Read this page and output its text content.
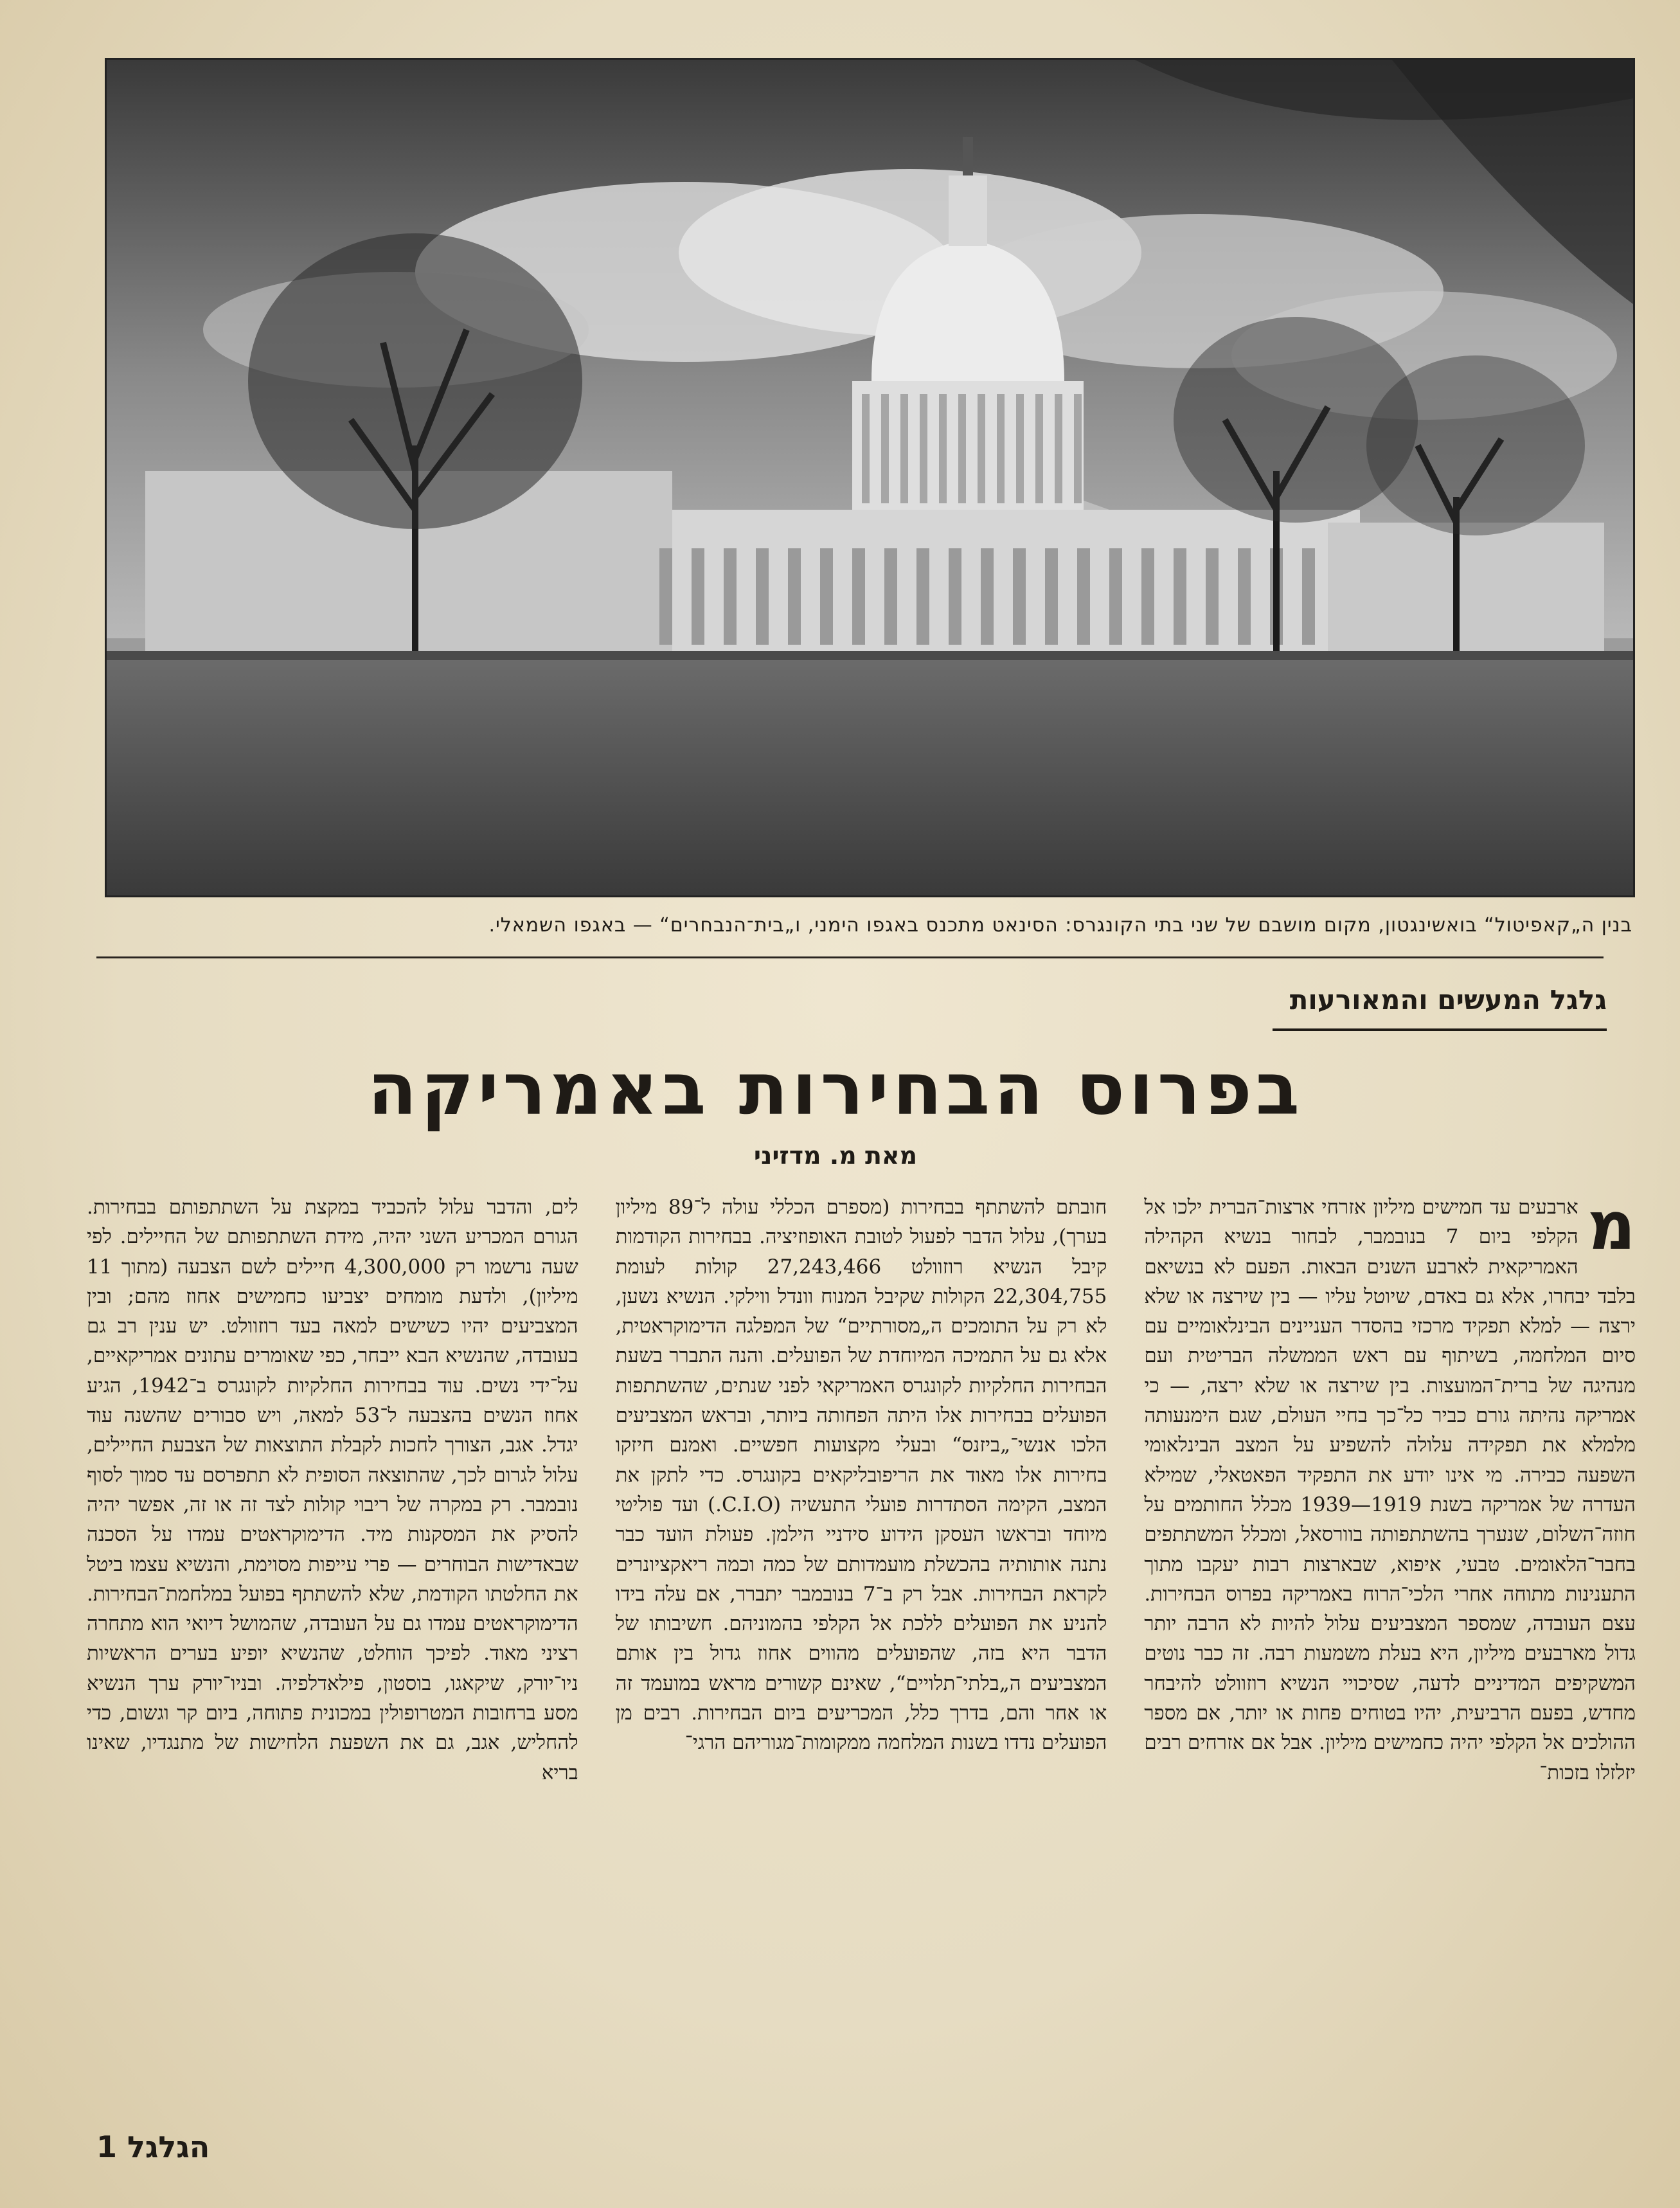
בנין ה„קאפיטול“ בואשינגטון, מקום מושבם של שני בתי הקונגרס: הסינאט מתכנס באגפו הימני, ו„בית־הנבחרים“ — באגפו השמאלי.
גלגל המעשים והמאורעות
בפרוס הבחירות באמריקה
מאת מ. מדזיני
מ

ארבעים עד חמישים מיליון אזרחי ארצות־הברית ילכו אל הקלפי ביום 7 בנובמבר, לבחור בנשיא הקהילה האמריקאית לארבע השנים הבאות. הפעם לא בנשיאם בלבד יבחרו, אלא גם באדם, שיוטל עליו — בין שירצה או שלא ירצה — למלא תפקיד מרכזי בהסדר העניינים הבינלאומיים עם סיום המלחמה, בשיתוף עם ראש הממשלה הבריטית ועם מנהיגה של ברית־המועצות. בין שירצה או שלא ירצה, — כי אמריקה נהיתה גורם כביר כל־כך בחיי העולם, שגם הימנעותה מלמלא את תפקידה עלולה להשפיע על המצב הבינלאומי השפעה כבירה. מי אינו יודע את התפקיד הפאטאלי, שמילא העדרה של אמריקה בשנת 1919—1939 מכלל החותמים על חוזה־השלום, שנערך בהשתתפותה בוורסאל, ומכלל המשתתפים בחבר־הלאומים. טבעי, איפוא, שבארצות רבות יעקבו מתוך התענינות מתוחה אחרי הלכי־הרוח באמריקה בפרוס הבחירות. עצם העובדה, שמספר המצביעים עלול להיות לא הרבה יותר גדול מארבעים מיליון, היא בעלת משמעות רבה. זה כבר נוטים המשקיפים המדיניים לדעה, שסיכויי הנשיא רוזוולט להיבחר מחדש, בפעם הרביעית, יהיו בטוחים פחות או יותר, אם מספר ההולכים אל הקלפי יהיה כחמישים מיליון. אבל אם אזרחים רבים יזלזלו בזכות־

חובתם להשתתף בבחירות (מספרם הכללי עולה ל־89 מיליון בערך), עלול הדבר לפעול לטובת האופוזיציה. בבחירות הקודמות קיבל הנשיא רוזוולט 27,243,466 קולות לעומת 22,304,755 הקולות שקיבל המנוח וונדל ווילקי. הנשיא נשען, לא רק על התומכים ה„מסורתיים“ של המפלגה הדימוקראטית, אלא גם על התמיכה המיוחדת של הפועלים. והנה התברר בשעת הבחירות החלקיות לקונגרס האמריקאי לפני שנתים, שהשתתפות הפועלים בבחירות אלו היתה הפחותה ביותר, ובראש המצביעים הלכו אנשי־„ביזנס“ ובעלי מקצועות חפשיים. ואמנם חיזקו בחירות אלו מאוד את הריפובליקאים בקונגרס. כדי לתקן את המצב, הקימה הסתדרות פועלי התעשיה (C.I.O.) ועד פוליטי מיוחד ובראשו העסקן הידוע סידניי הילמן. פעולת הועד כבר נתנה אותותיה בהכשלת מועמדותם של כמה וכמה ריאקציונרים לקראת הבחירות. אבל רק ב־7 בנובמבר יתברר, אם עלה בידו להניע את הפועלים ללכת אל הקלפי בהמוניהם. חשיבותו של הדבר היא בזה, שהפועלים מהווים אחוז גדול בין אותם המצביעים ה„בלתי־תלויים“, שאינם קשורים מראש במועמד זה או אחר והם, בדרך כלל, המכריעים ביום הבחירות. רבים מן הפועלים נדדו בשנות המלחמה ממקומות־מגוריהם הרגי־

לים, והדבר עלול להכביד במקצת על השתתפותם בבחירות. הגורם המכריע השני יהיה, מידת השתתפותם של החיילים. לפי שעה נרשמו רק 4,300,000 חיילים לשם הצבעה (מתוך 11 מיליון), ולדעת מומחים יצביעו כחמישים אחוז מהם; ובין המצביעים יהיו כשישים למאה בעד רוזוולט. יש ענין רב גם בעובדה, שהנשיא הבא ייבחר, כפי שאומרים עתונים אמריקאיים, על־ידי נשים. עוד בבחירות החלקיות לקונגרס ב־1942, הגיע אחוז הנשים בהצבעה ל־53 למאה, ויש סבורים שהשנה עוד יגדל. אגב, הצורך לחכות לקבלת התוצאות של הצבעת החיילים, עלול לגרום לכך, שהתוצאה הסופית לא תתפרסם עד סמוך לסוף נובמבר. רק במקרה של ריבוי קולות לצד זה או זה, אפשר יהיה להסיק את המסקנות מיד. הדימוקראטים עמדו על הסכנה שבאדישות הבוחרים — פרי עייפות מסוימת, והנשיא עצמו ביטל את החלטתו הקודמת, שלא להשתתף בפועל במלחמת־הבחירות. הדימוקראטים עמדו גם על העובדה, שהמושל דיואי הוא מתחרה רציני מאוד. לפיכך הוחלט, שהנשיא יופיע בערים הראשיות ניו־יורק, שיקאגו, בוסטון, פילאדלפיה. ובניו־יורק ערך הנשיא מסע ברחובות המטרופולין במכונית פתוחה, ביום קר וגשום, כדי להחליש, אגב, גם את השפעת הלחישות של מתנגדיו, שאינו בריא

הגלגל 1
